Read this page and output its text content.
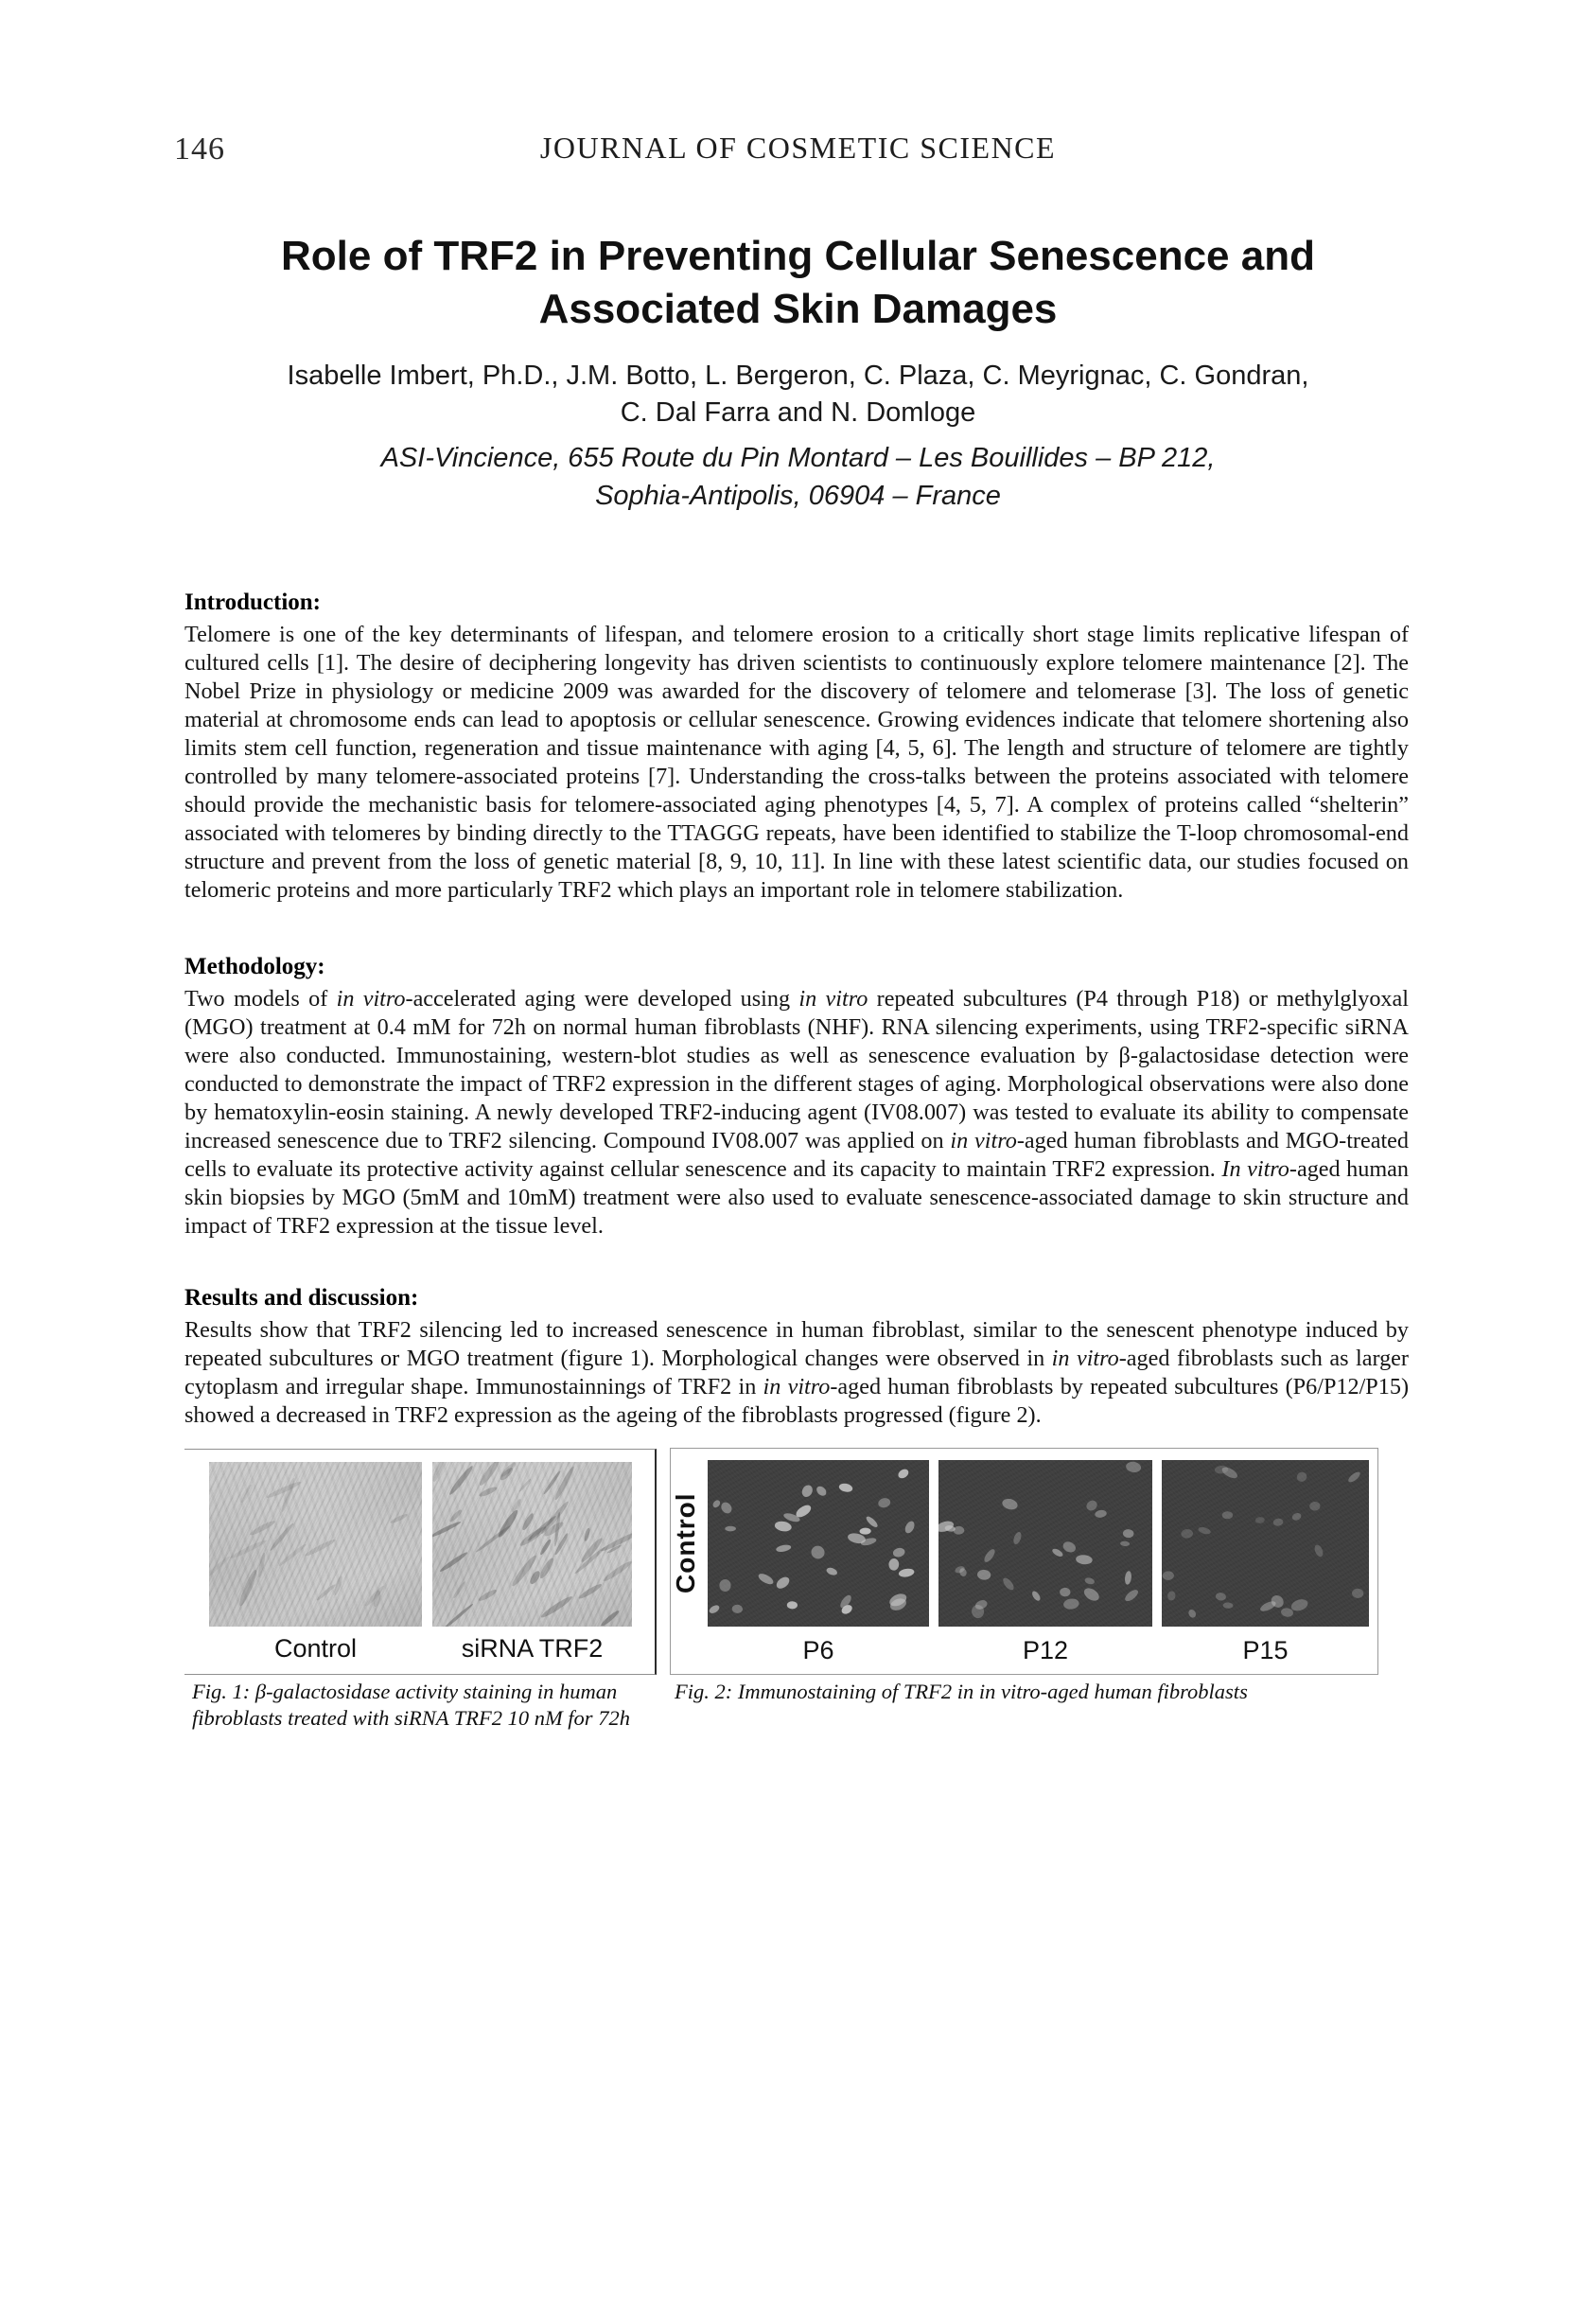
146	JOURNAL OF COSMETIC SCIENCE
Role of TRF2 in Preventing Cellular Senescence and
Associated Skin Damages
Isabelle Imbert, Ph.D., J.M. Botto, L. Bergeron, C. Plaza, C. Meyrignac, C. Gondran,
C. Dal Farra and N. Domloge
ASI-Vincience, 655 Route du Pin Montard – Les Bouillides – BP 212,
Sophia-Antipolis, 06904 – France
Introduction:

Telomere is one of the key determinants of lifespan, and telomere erosion to a critically short stage limits replicative lifespan of cultured cells [1]. The desire of deciphering longevity has driven scientists to continuously explore telomere maintenance [2]. The Nobel Prize in physiology or medicine 2009 was awarded for the discovery of telomere and telomerase [3]. The loss of genetic material at chromosome ends can lead to apoptosis or cellular senescence. Growing evidences indicate that telomere shortening also limits stem cell function, regeneration and tissue maintenance with aging [4, 5, 6]. The length and structure of telomere are tightly controlled by many telomere-associated proteins [7]. Understanding the cross-talks between the proteins associated with telomere should provide the mechanistic basis for telomere-associated aging phenotypes [4, 5, 7]. A complex of proteins called “shelterin” associated with telomeres by binding directly to the TTAGGG repeats, have been identified to stabilize the T-loop chromosomal-end structure and prevent from the loss of genetic material [8, 9, 10, 11]. In line with these latest scientific data, our studies focused on telomeric proteins and more particularly TRF2 which plays an important role in telomere stabilization.

Methodology:

Two models of in vitro-accelerated aging were developed using in vitro repeated subcultures (P4 through P18) or methylglyoxal (MGO) treatment at 0.4 mM for 72h on normal human fibroblasts (NHF). RNA silencing experiments, using TRF2-specific siRNA were also conducted. Immunostaining, western-blot studies as well as senescence evaluation by β-galactosidase detection were conducted to demonstrate the impact of TRF2 expression in the different stages of aging. Morphological observations were also done by hematoxylin-eosin staining. A newly developed TRF2-inducing agent (IV08.007) was tested to evaluate its ability to compensate increased senescence due to TRF2 silencing. Compound IV08.007 was applied on in vitro-aged human fibroblasts and MGO-treated cells to evaluate its protective activity against cellular senescence and its capacity to maintain TRF2 expression. In vitro-aged human skin biopsies by MGO (5mM and 10mM) treatment were also used to evaluate senescence-associated damage to skin structure and impact of TRF2 expression at the tissue level.

Results and discussion:

Results show that TRF2 silencing led to increased senescence in human fibroblast, similar to the senescent phenotype induced by repeated subcultures or MGO treatment (figure 1). Morphological changes were observed in in vitro-aged fibroblasts such as larger cytoplasm and irregular shape. Immunostainnings of TRF2 in in vitro-aged human fibroblasts by repeated subcultures (P6/P12/P15) showed a decreased in TRF2 expression as the ageing of the fibroblasts progressed (figure 2).

Control	siRNA TRF2
Control
P6	P12	P15
Fig. 1: β-galactosidase activity staining in human
fibroblasts treated with siRNA TRF2 10 nM for 72h
Fig. 2: Immunostaining of TRF2 in in vitro-aged human fibroblasts
